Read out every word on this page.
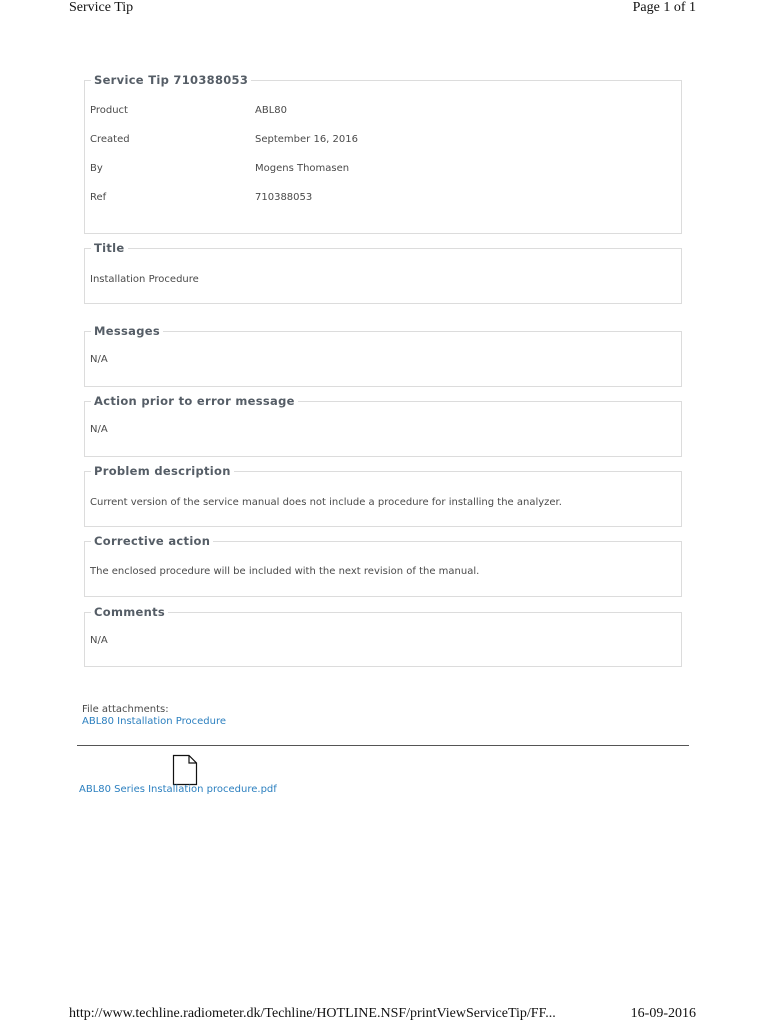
Service Tip	Page 1 of 1
Service Tip 710388053
Product	ABL80
Created	September 16, 2016
By	Mogens Thomasen
Ref	710388053
Title
Installation Procedure
Messages
N/A
Action prior to error message
N/A
Problem description
Current version of the service manual does not include a procedure for installing the analyzer.
Corrective action
The enclosed procedure will be included with the next revision of the manual.
Comments
N/A
File attachments:
ABL80 Installation Procedure
ABL80 Series Installation procedure.pdf
http://www.techline.radiometer.dk/Techline/HOTLINE.NSF/printViewServiceTip/FF...	16-09-2016
